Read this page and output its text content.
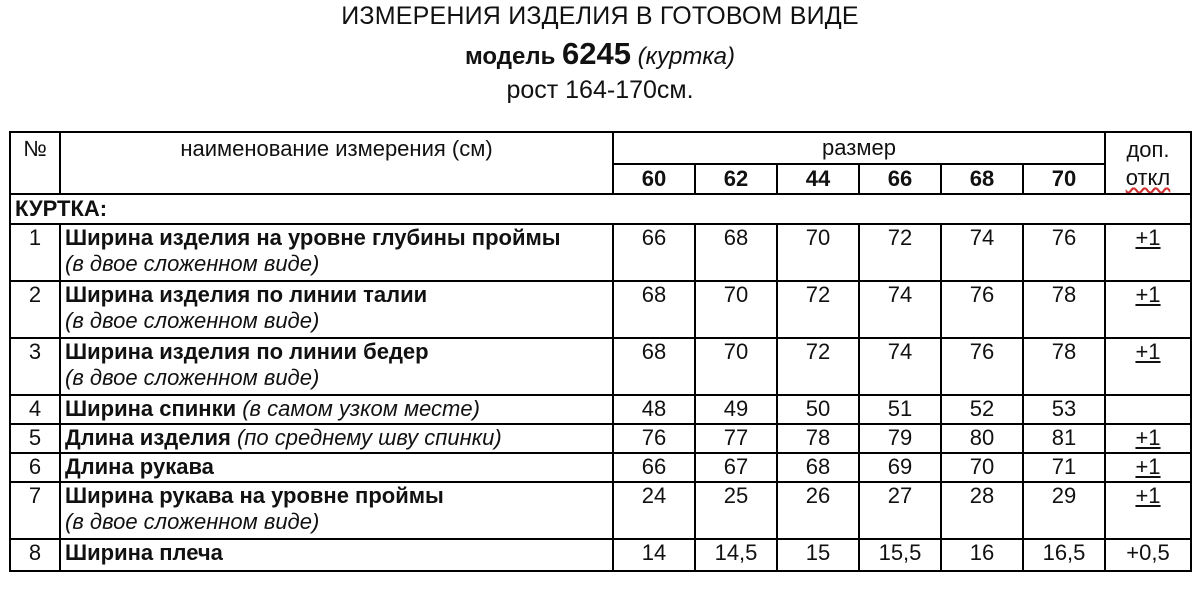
ИЗМЕРЕНИЯ ИЗДЕЛИЯ В ГОТОВОМ ВИДЕ
модель 6245 (куртка)
рост 164-170см.
№	наименование измерения (см)	размер						доп.
откл

		60	62	44	66	68	70	
КУРТКА:								
1	Ширина изделия на уровне глубины проймы
(в двое сложенном виде)	66	68	70	72	74	76	+1
2	Ширина изделия по линии талии
(в двое сложенном виде)	68	70	72	74	76	78	+1
3	Ширина изделия по линии бедер
(в двое сложенном виде)	68	70	72	74	76	78	+1
4	Ширина спинки (в самом узком месте)	48	49	50	51	52	53	
5	Длина изделия (по среднему шву спинки)	76	77	78	79	80	81	+1
6	Длина рукава	66	67	68	69	70	71	+1
7	Ширина рукава на уровне проймы
(в двое сложенном виде)	24	25	26	27	28	29	+1
8	Ширина плеча	14	14,5	15	15,5	16	16,5	+0,5
